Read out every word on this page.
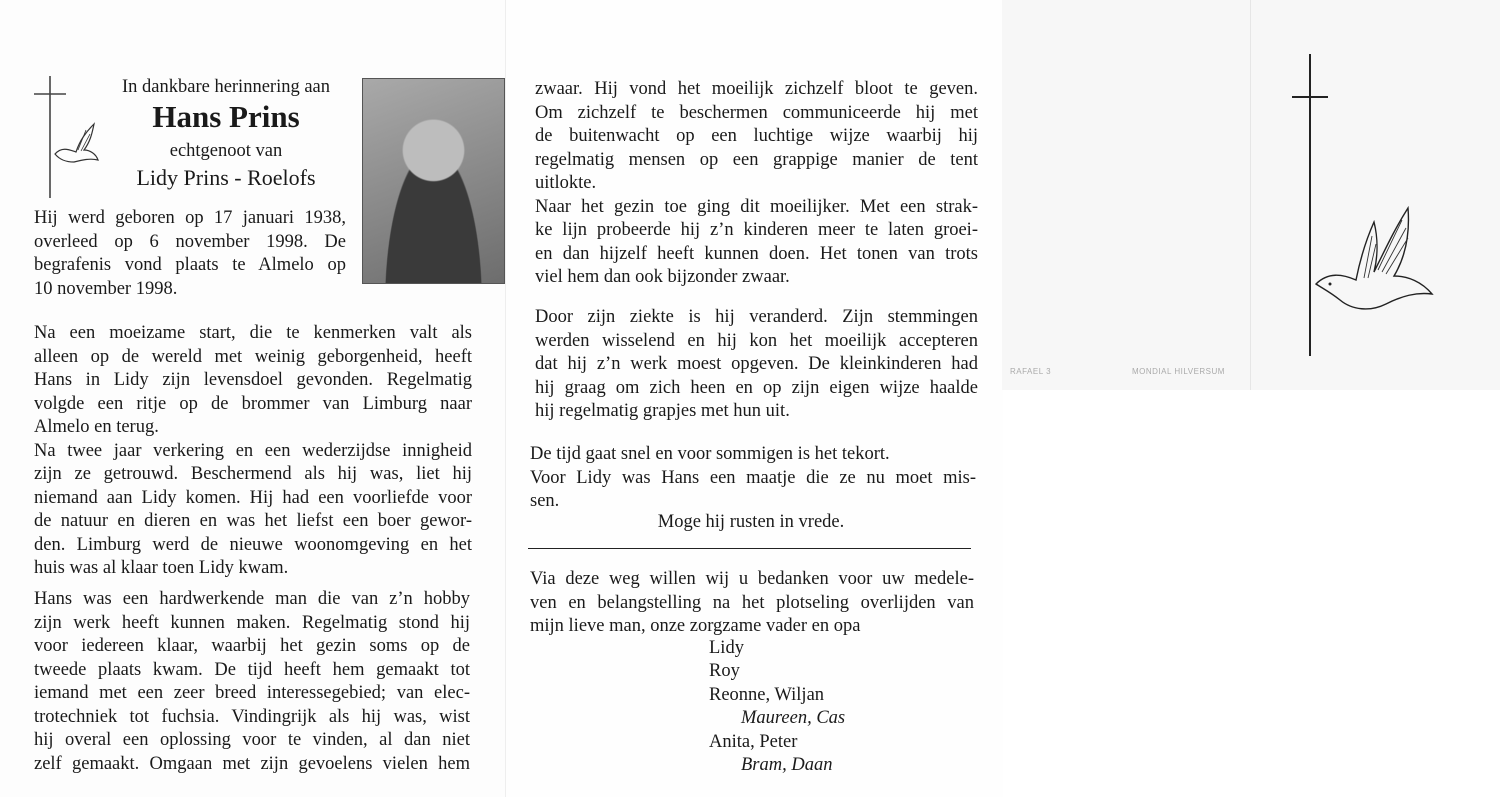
In dankbare herinnering aan

Hans Prins

echtgenoot van

Lidy Prins - Roelofs

Hij werd geboren op 17 januari 1938,
overleed op 6 november 1998. De
begrafenis vond plaats te Almelo op
10 november 1998.
Na een moeizame start, die te kenmerken valt als
alleen op de wereld met weinig geborgenheid, heeft
Hans in Lidy zijn levensdoel gevonden. Regelmatig
volgde een ritje op de brommer van Limburg naar
Almelo en terug.
Na twee jaar verkering en een wederzijdse innigheid
zijn ze getrouwd. Beschermend als hij was, liet hij
niemand aan Lidy komen. Hij had een voorliefde voor
de natuur en dieren en was het liefst een boer gewor-
den. Limburg werd de nieuwe woonomgeving en het
huis was al klaar toen Lidy kwam.
Hans was een hardwerkende man die van z’n hobby
zijn werk heeft kunnen maken. Regelmatig stond hij
voor iedereen klaar, waarbij het gezin soms op de
tweede plaats kwam. De tijd heeft hem gemaakt tot
iemand met een zeer breed interessegebied; van elec-
trotechniek tot fuchsia. Vindingrijk als hij was, wist
hij overal een oplossing voor te vinden, al dan niet
zelf gemaakt. Omgaan met zijn gevoelens vielen hem
zwaar. Hij vond het moeilijk zichzelf bloot te geven.
Om zichzelf te beschermen communiceerde hij met
de buitenwacht op een luchtige wijze waarbij hij
regelmatig mensen op een grappige manier de tent
uitlokte.
Naar het gezin toe ging dit moeilijker. Met een strak-
ke lijn probeerde hij z’n kinderen meer te laten groei-
en dan hijzelf heeft kunnen doen. Het tonen van trots
viel hem dan ook bijzonder zwaar.
Door zijn ziekte is hij veranderd. Zijn stemmingen
werden wisselend en hij kon het moeilijk accepteren
dat hij z’n werk moest opgeven. De kleinkinderen had
hij graag om zich heen en op zijn eigen wijze haalde
hij regelmatig grapjes met hun uit.
De tijd gaat snel en voor sommigen is het tekort.
Voor Lidy was Hans een maatje die ze nu moet mis-
sen.

Moge hij rusten in vrede.

Via deze weg willen wij u bedanken voor uw medele-
ven en belangstelling na het plotseling overlijden van
mijn lieve man, onze zorgzame vader en opa

Lidy

Roy

Reonne, Wiljan

Maureen, Cas

Anita, Peter

Bram, Daan

RAFAEL 3	MONDIAL HILVERSUM
